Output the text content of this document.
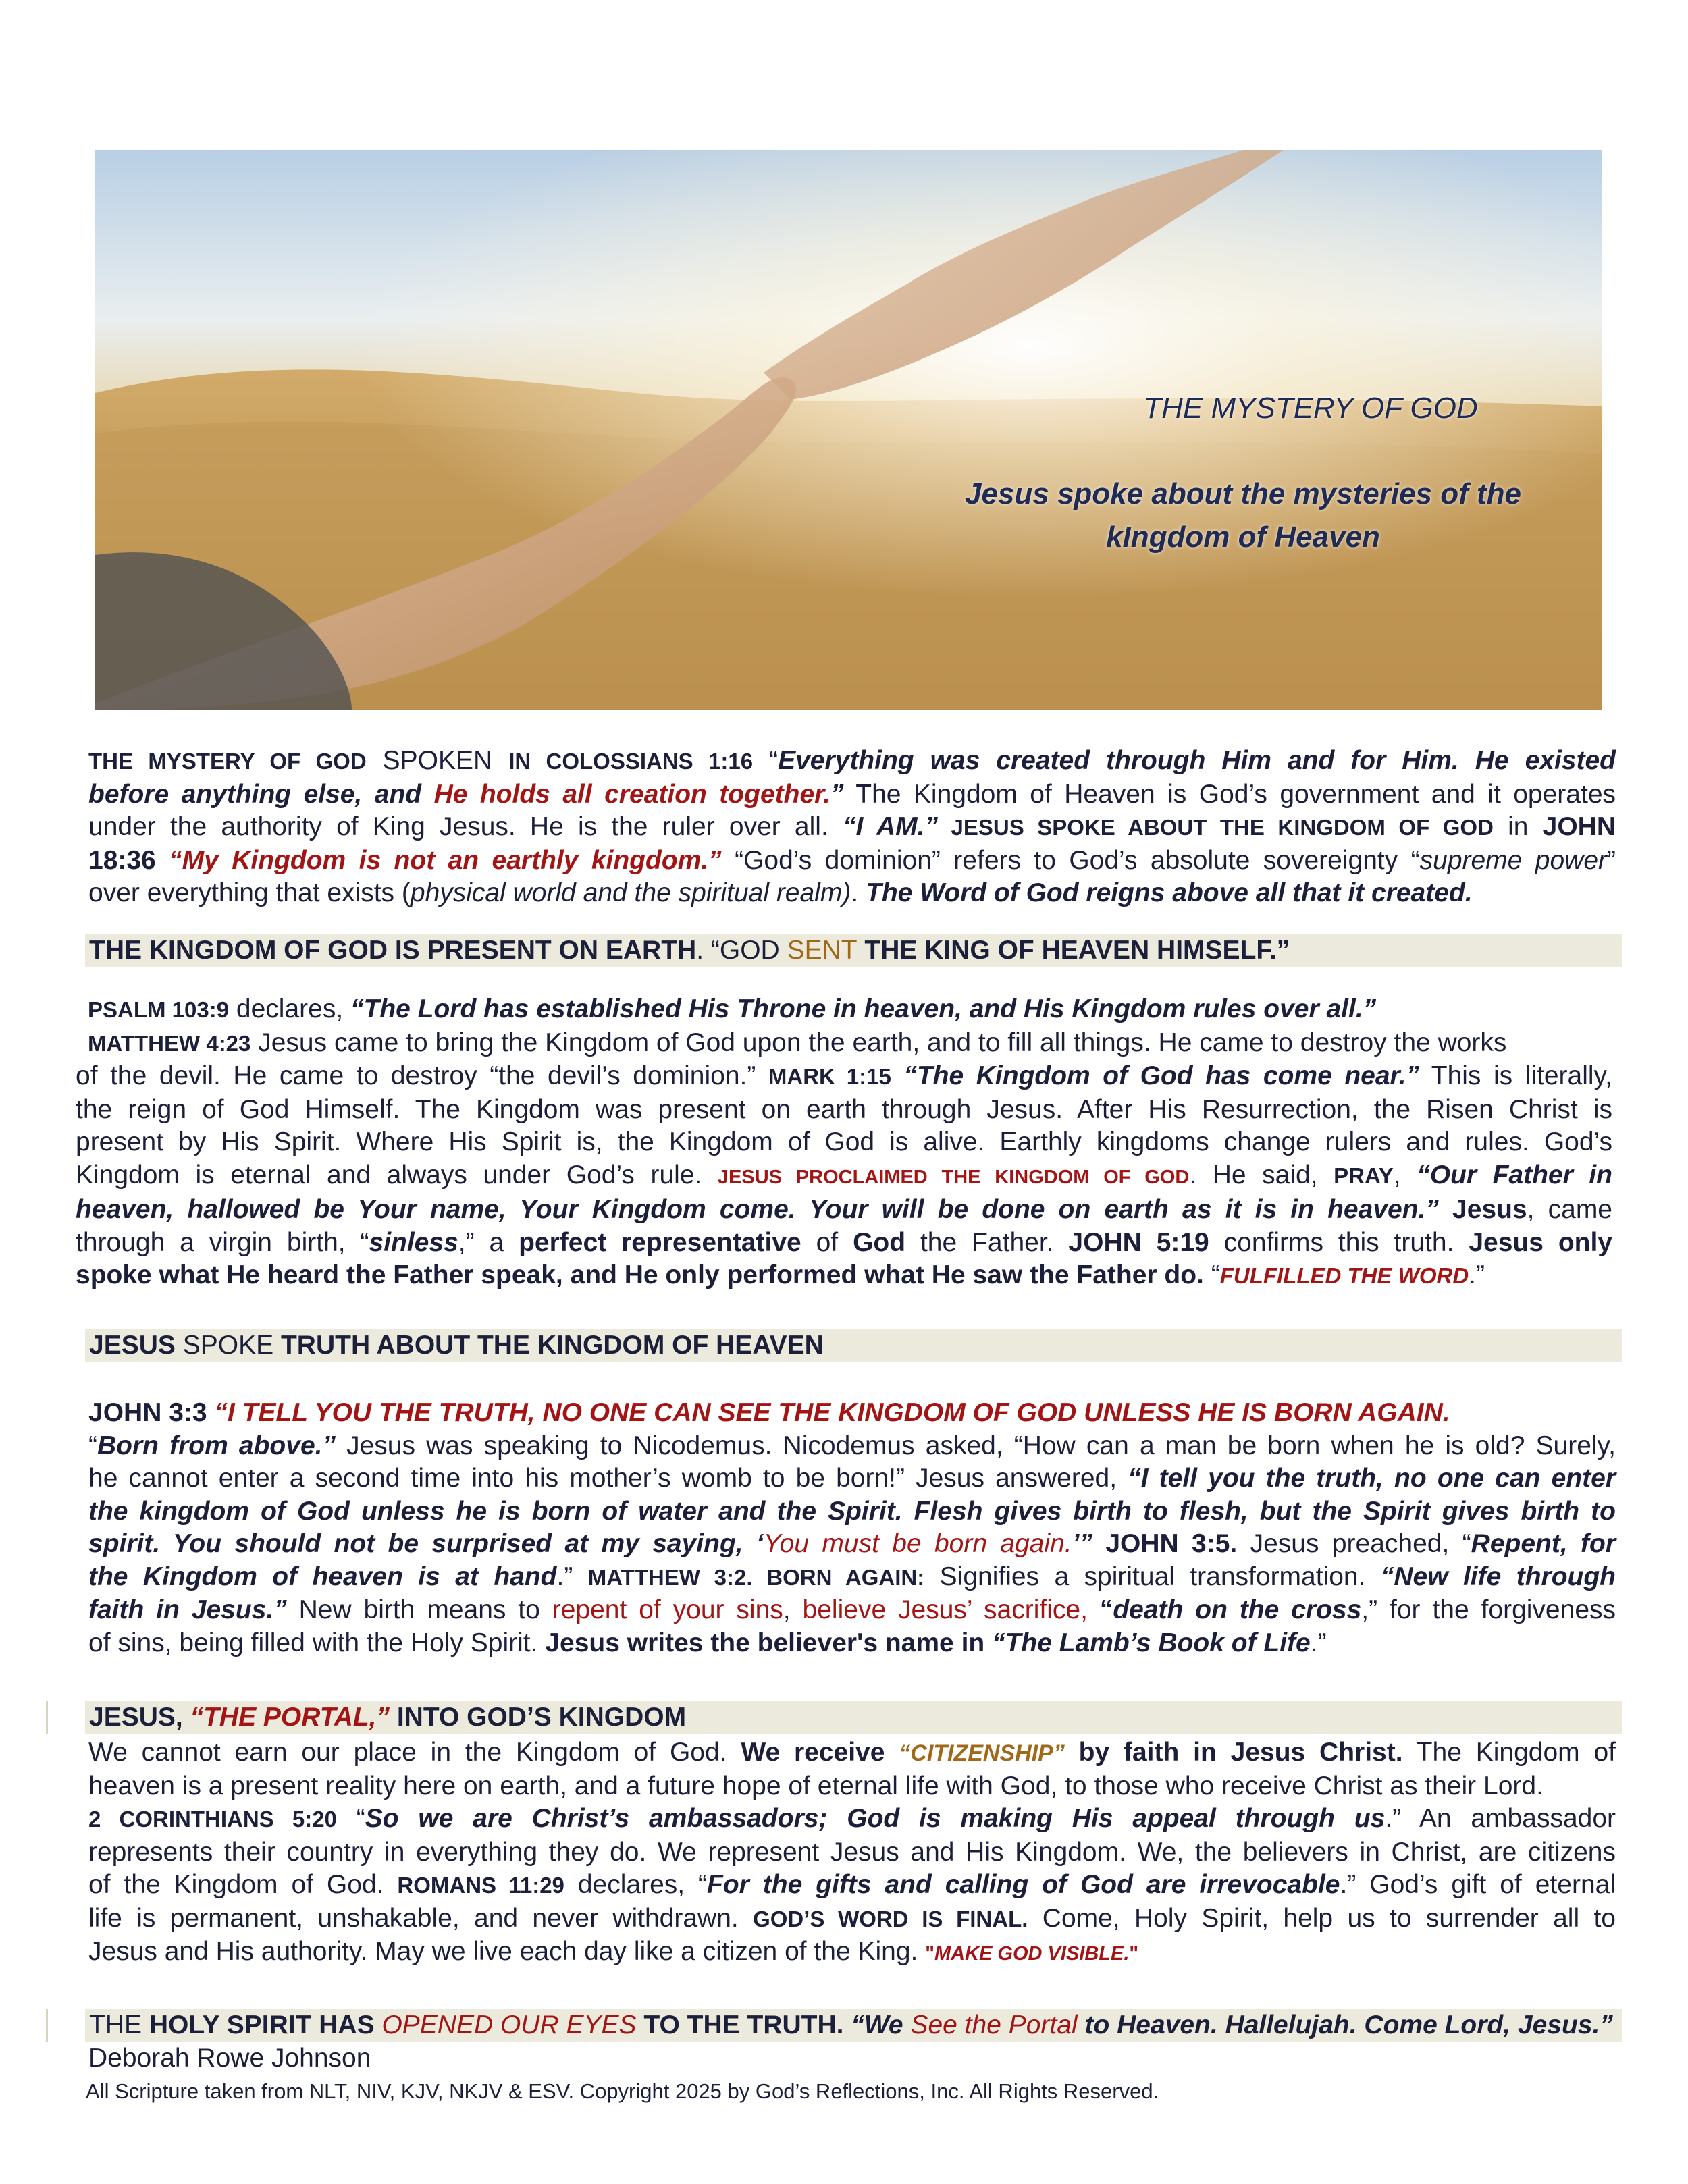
THE MYSTERY OF GOD
Jesus spoke about the mysteries of the
kIngdom of Heaven
THE MYSTERY OF GOD SPOKEN IN COLOSSIANS 1:16 “Everything was created through Him and for Him. He existed
before anything else, and He holds all creation together.” The Kingdom of Heaven is God’s government and it operates
under the authority of King Jesus. He is the ruler over all. “I AM.” JESUS SPOKE ABOUT THE KINGDOM OF GOD in JOHN
18:36 “My Kingdom is not an earthly kingdom.” “God’s dominion” refers to God’s absolute sovereignty “supreme power”
over everything that exists (physical world and the spiritual realm). The Word of God reigns above all that it created.
THE KINGDOM OF GOD IS PRESENT ON EARTH. “GOD SENT THE KING OF HEAVEN HIMSELF.”
PSALM 103:9 declares, “The Lord has established His Throne in heaven, and His Kingdom rules over all.”
MATTHEW 4:23 Jesus came to bring the Kingdom of God upon the earth, and to fill all things. He came to destroy the works
of the devil. He came to destroy “the devil’s dominion.” MARK 1:15 “The Kingdom of God has come near.” This is literally,
the reign of God Himself. The Kingdom was present on earth through Jesus. After His Resurrection, the Risen Christ is
present by His Spirit. Where His Spirit is, the Kingdom of God is alive. Earthly kingdoms change rulers and rules. God’s
Kingdom is eternal and always under God’s rule. JESUS PROCLAIMED THE KINGDOM OF GOD. He said, PRAY, “Our Father in
heaven, hallowed be Your name, Your Kingdom come. Your will be done on earth as it is in heaven.” Jesus, came
through a virgin birth, “sinless,” a perfect representative of God the Father. JOHN 5:19 confirms this truth. Jesus only
spoke what He heard the Father speak, and He only performed what He saw the Father do. “FULFILLED THE WORD.”
JESUS SPOKE TRUTH ABOUT THE KINGDOM OF HEAVEN
JOHN 3:3 “I TELL YOU THE TRUTH, NO ONE CAN SEE THE KINGDOM OF GOD UNLESS HE IS BORN AGAIN.
“Born from above.” Jesus was speaking to Nicodemus. Nicodemus asked, “How can a man be born when he is old? Surely,
he cannot enter a second time into his mother’s womb to be born!” Jesus answered, “I tell you the truth, no one can enter
the kingdom of God unless he is born of water and the Spirit. Flesh gives birth to flesh, but the Spirit gives birth to
spirit. You should not be surprised at my saying, ‘You must be born again.’” JOHN 3:5. Jesus preached, “Repent, for
the Kingdom of heaven is at hand.” MATTHEW 3:2. BORN AGAIN: Signifies a spiritual transformation. “New life through
faith in Jesus.” New birth means to repent of your sins, believe Jesus’ sacrifice, “death on the cross,” for the forgiveness
of sins, being filled with the Holy Spirit. Jesus writes the believer's name in “The Lamb’s Book of Life.”
JESUS, “THE PORTAL,” INTO GOD’S KINGDOM
We cannot earn our place in the Kingdom of God. We receive “CITIZENSHIP” by faith in Jesus Christ. The Kingdom of
heaven is a present reality here on earth, and a future hope of eternal life with God, to those who receive Christ as their Lord.
2 CORINTHIANS 5:20 “So we are Christ’s ambassadors; God is making His appeal through us.” An ambassador
represents their country in everything they do. We represent Jesus and His Kingdom. We, the believers in Christ, are citizens
of the Kingdom of God. ROMANS 11:29 declares, “For the gifts and calling of God are irrevocable.” God’s gift of eternal
life is permanent, unshakable, and never withdrawn. GOD’S WORD IS FINAL. Come, Holy Spirit, help us to surrender all to
Jesus and His authority. May we live each day like a citizen of the King. "MAKE GOD VISIBLE."
THE HOLY SPIRIT HAS OPENED OUR EYES TO THE TRUTH. “We See the Portal to Heaven. Hallelujah. Come Lord, Jesus.”
Deborah Rowe Johnson
All Scripture taken from NLT, NIV, KJV, NKJV & ESV. Copyright 2025 by God’s Reflections, Inc. All Rights Reserved.
